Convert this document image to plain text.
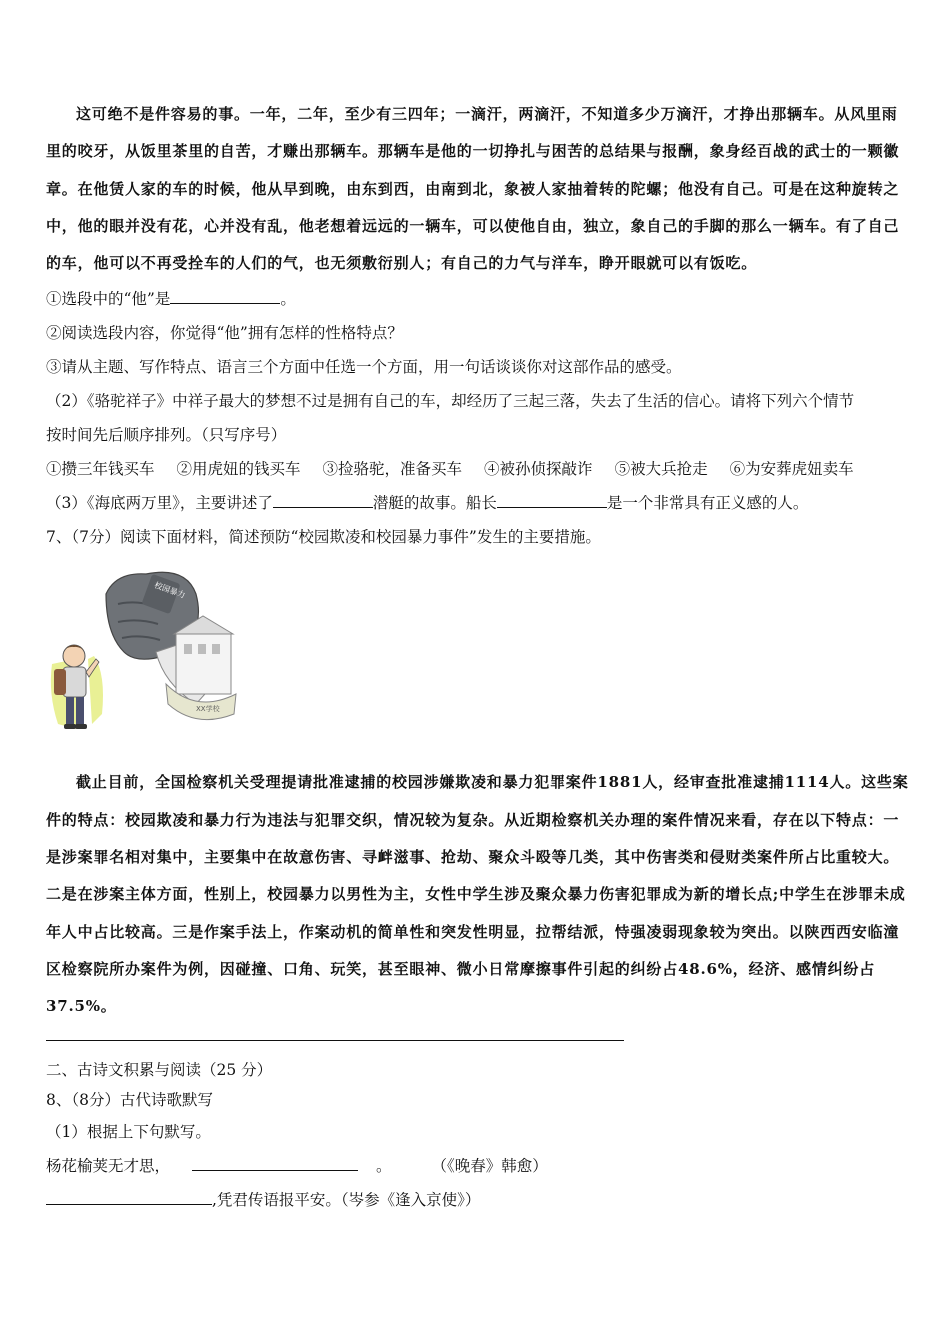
这可绝不是件容易的事。一年，二年，至少有三四年；一滴汗，两滴汗，不知道多少万滴汗，才挣出那辆车。从风里雨里的咬牙，从饭里茶里的自苦，才赚出那辆车。那辆车是他的一切挣扎与困苦的总结果与报酬，象身经百战的武士的一颗徽章。在他赁人家的车的时候，他从早到晚，由东到西，由南到北，象被人家抽着转的陀螺；他没有自己。可是在这种旋转之中，他的眼并没有花，心并没有乱，他老想着远远的一辆车，可以使他自由，独立，象自己的手脚的那么一辆车。有了自己的车，他可以不再受拴车的人们的气，也无须敷衍别人；有自己的力气与洋车，睁开眼就可以有饭吃。

①选段中的“他”是	。

②阅读选段内容，你觉得“他”拥有怎样的性格特点？

③请从主题、写作特点、语言三个方面中任选一个方面，用一句话谈谈你对这部作品的感受。

（2）《骆驼祥子》中祥子最大的梦想不过是拥有自己的车，却经历了三起三落，失去了生活的信心。请将下列六个情节

按时间先后顺序排列。（只写序号）

①攒三年钱买车 ②用虎妞的钱买车 ③捡骆驼，准备买车 ④被孙侦探敲诈 ⑤被大兵抢走 ⑥为安葬虎妞卖车

（3）《海底两万里》，主要讲述了	潜艇的故事。船长	是一个非常具有正义感的人。

7、（7分）阅读下面材料，简述预防“校园欺凌和校园暴力事件”发生的主要措施。

校园暴力
XX学校

截止目前，全国检察机关受理提请批准逮捕的校园涉嫌欺凌和暴力犯罪案件1881人，经审查批准逮捕1114人。这些案件的特点：校园欺凌和暴力行为违法与犯罪交织，情况较为复杂。从近期检察机关办理的案件情况来看，存在以下特点：一是涉案罪名相对集中，主要集中在故意伤害、寻衅滋事、抢劫、聚众斗殴等几类，其中伤害类和侵财类案件所占比重较大。二是在涉案主体方面，性别上，校园暴力以男性为主，女性中学生涉及聚众暴力伤害犯罪成为新的增长点;中学生在涉罪未成年人中占比较高。三是作案手法上，作案动机的简单性和突发性明显，拉帮结派，恃强凌弱现象较为突出。以陕西西安临潼区检察院所办案件为例，因碰撞、口角、玩笑，甚至眼神、微小日常摩擦事件引起的纠纷占48.6%，经济、感情纠纷占37.5%。

二、古诗文积累与阅读（25 分）

8、（8分）古代诗歌默写

（1）根据上下句默写。

杨花榆荚无才思，	。	（《晚春》韩愈）

,凭君传语报平安。（岑参《逢入京使》）
